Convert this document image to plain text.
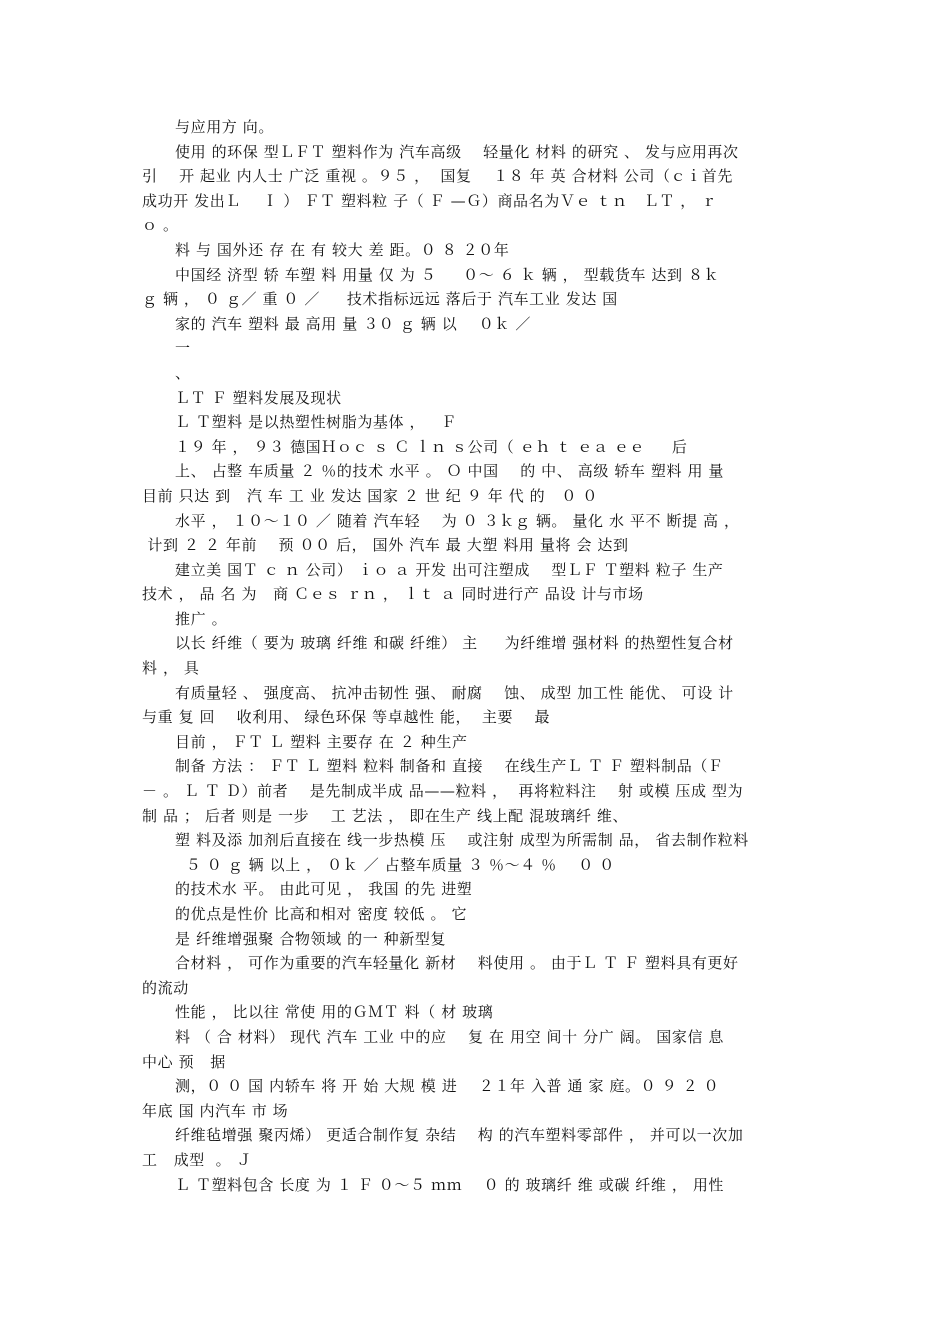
与应用方 向。

使用 的环保 型ＬＦＴ 塑料作为 汽车高级    轻量化 材料 的研究 、 发与应用再次

引    开 起业 内人士 广泛 重视 。９５ ，  国复    １８ 年 英 合材料 公司（ｃｉ首先

成功开 发出Ｌ    Ｉ ） ＦＴ 塑料粒 子（ Ｆ —Ｇ）商品名为Ｖｅ ｔｎ   ＬＴ ， ｒ

ｏ 。

料 与 国外还 存 在 有 较大 差 距。０ ８ ２０年

中国经 济型 轿 车塑 料 用量 仅 为 ５     ０～ ６ ｋ 辆 ， 型载货车 达到 ８ｋ

ｇ 辆 ， ０ ｇ／ 重 ０ ／     技术指标远远 落后于 汽车工业 发达 国

家的 汽车 塑料 最 高用 量 ３０ ｇ 辆 以    ０ｋ ／

一

、

ＬＴ Ｆ 塑料发展及现状

Ｌ Ｔ塑料 是以热塑性树脂为基体 ，   Ｆ

１９ 年 ， ９３ 德国Ｈｏｃ ｓ Ｃ ｌｎ ｓ公司（ ｅｈ ｔ ｅａ ｅｅ     后

上、 占整 车质量 ２ ％的技术 水平 。 Ｏ 中国    的 中、 高级 轿车 塑料 用 量

目前 只达 到   汽 车 工 业 发达 国家 ２ 世 纪 ９ 年 代 的   ０ ０

水平 ， １０～１０ ／ 随着 汽车轻    为 ０ ３ｋｇ 辆。 量化 水 平不 断提 高 ，

计到 ２ ２ 年前    预 ００ 后， 国外 汽车 最 大塑 料用 量将 会 达到

建立美 国Ｔ ｃ ｎ 公司） ｉｏ ａ 开发 出可注塑成    型ＬＦ Ｔ塑料 粒子 生产

技术 ， 品 名 为   商 Ｃｅｓ ｒｎ ， ｌｔ ａ 同时进行产 品设 计与市场

推广 。

以长 纤维（ 要为 玻璃 纤维 和碳 纤维） 主     为纤维增 强材料 的热塑性复合材

料 ， 具

有质量轻 、 强度高、 抗冲击韧性 强、 耐腐    蚀、 成型 加工性 能优、 可设 计

与重 复 回    收利用、 绿色环保 等卓越性 能，  主要    最

目前 ， ＦＴ Ｌ 塑料 主要存 在 ２ 种生产

制备 方法 ： ＦＴ Ｌ 塑料 粒料 制备和 直接    在线生产Ｌ Ｔ Ｆ 塑料制品（Ｆ

－ 。 Ｌ Ｔ Ｄ）前者    是先制成半成 品——粒料 ，  再将粒料注    射 或模 压成 型为

制 品 ； 后者 则是 一步    工 艺法 ， 即在生产 线上配 混玻璃纤 维、

塑 料及添 加剂后直接在 线一步热模 压    或注射 成型为所需制 品， 省去制作粒料

５ ０ ｇ 辆 以上 ， ０ｋ ／ 占整车质量 ３ ％～４ ％    ０ ０

的技术水 平。 由此可见 ， 我国 的先 进塑

的优点是性价 比高和相对 密度 较低 。 它

是 纤维增强聚 合物领域 的一 种新型复

合材料 ， 可作为重要的汽车轻量化 新材    料使用 。 由于Ｌ Ｔ Ｆ 塑料具有更好

的流动

性能 ， 比以往 常使 用的ＧＭＴ 料（ 材 玻璃

料 （ 合 材料） 现代 汽车 工业 中的应    复 在 用空 间十 分广 阔。 国家信 息

中心 预   据

测，０ ０ 国 内轿车 将 开 始 大规 模 进    ２１年 入普 通 家 庭。０ ９ ２ ０

年底 国 内汽车 市 场

纤维毡增强 聚丙烯） 更适合制作复 杂结    构 的汽车塑料零部件 ， 并可以一次加

工   成型  。 Ｊ

Ｌ Ｔ塑料包含 长度 为 １ Ｆ ０～５ ｍｍ    ０ 的 玻璃纤 维 或碳 纤维 ， 用性
